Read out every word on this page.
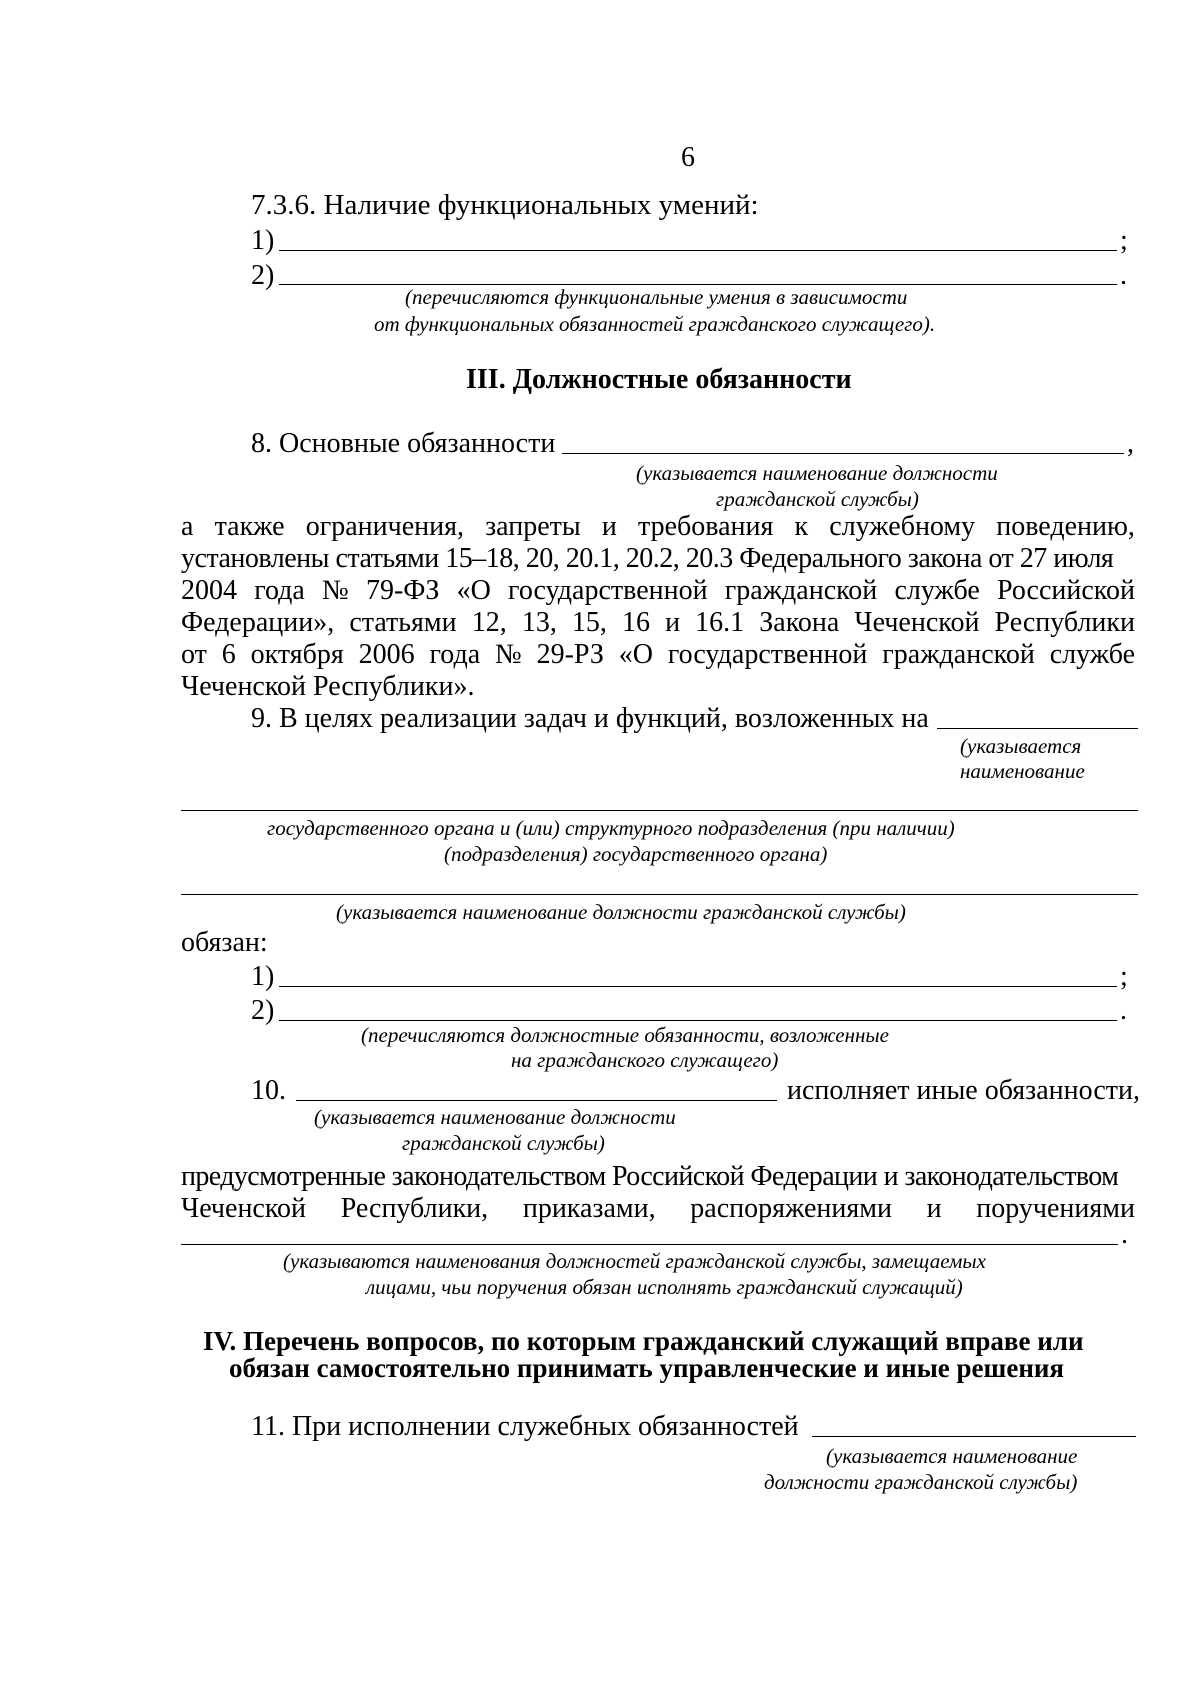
6
7.3.6. Наличие функциональных умений:
1)	;
2)	.
(перечисляются функциональные умения в зависимости
от функциональных обязанностей гражданского служащего).
III. Должностные обязанности
8. Основные обязанности	,
(указывается наименование должности
гражданской службы)
а также ограничения, запреты и требования к служебному поведению,
установлены статьями 15–18, 20, 20.1, 20.2, 20.3 Федерального закона от 27 июля
2004 года № 79-ФЗ «О государственной гражданской службе Российской
Федерации», статьями 12, 13, 15, 16 и 16.1 Закона Чеченской Республики
от 6 октября 2006 года № 29-РЗ «О государственной гражданской службе
Чеченской Республики».
9. В целях реализации задач и функций, возложенных на
(указывается
наименование
государственного органа и (или) структурного подразделения (при наличии)
(подразделения) государственного органа)
(указывается наименование должности гражданской службы)
обязан:
1)	;
2)	.
(перечисляются должностные обязанности, возложенные
на гражданского служащего)
10.	исполняет иные обязанности,
(указывается наименование должности
гражданской службы)
предусмотренные законодательством Российской Федерации и законодательством
Чеченской Республики, приказами, распоряжениями и поручениями
.
(указываются наименования должностей гражданской службы, замещаемых
лицами, чьи поручения обязан исполнять гражданский служащий)
IV. Перечень вопросов, по которым гражданский служащий вправе или
обязан самостоятельно принимать управленческие и иные решения
11. При исполнении служебных обязанностей
(указывается наименование
должности гражданской службы)
